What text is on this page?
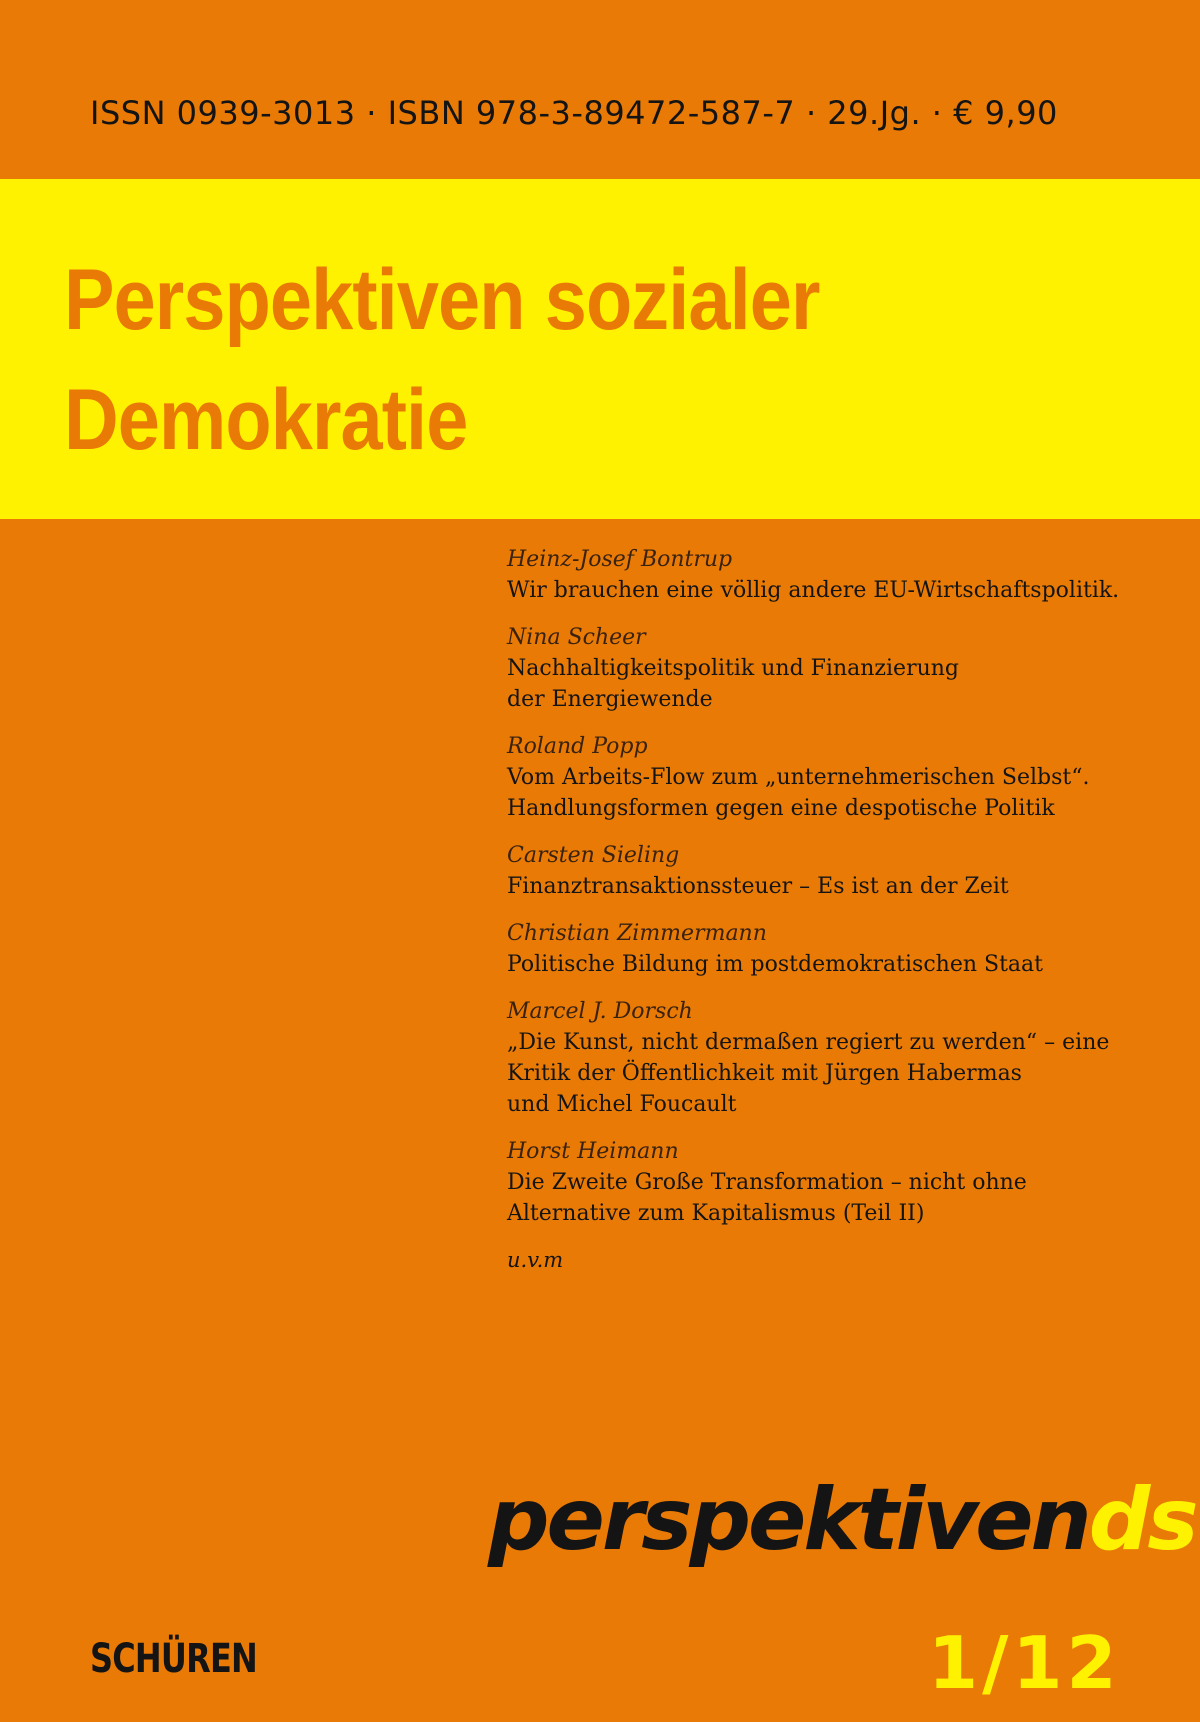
ISSN 0939-3013 · ISBN 978-3-89472-587-7 · 29.Jg. · € 9,90
Perspektiven sozialer
Demokratie
Heinz-Josef Bontrup
Wir brauchen eine völlig andere EU-Wirtschaftspolitik.
Nina Scheer
Nachhaltigkeitspolitik und Finanzierung
der Energiewende
Roland Popp
Vom Arbeits-Flow zum „unternehmerischen Selbst“.
Handlungsformen gegen eine despotische Politik
Carsten Sieling
Finanztransaktionssteuer – Es ist an der Zeit
Christian Zimmermann
Politische Bildung im postdemokratischen Staat
Marcel J. Dorsch
„Die Kunst, nicht dermaßen regiert zu werden“ – eine
Kritik der Öffentlichkeit mit Jürgen Habermas
und Michel Foucault
Horst Heimann
Die Zweite Große Transformation – nicht ohne
Alternative zum Kapitalismus (Teil II)
u.v.m
perspektivends
SCHÜREN	1/12
